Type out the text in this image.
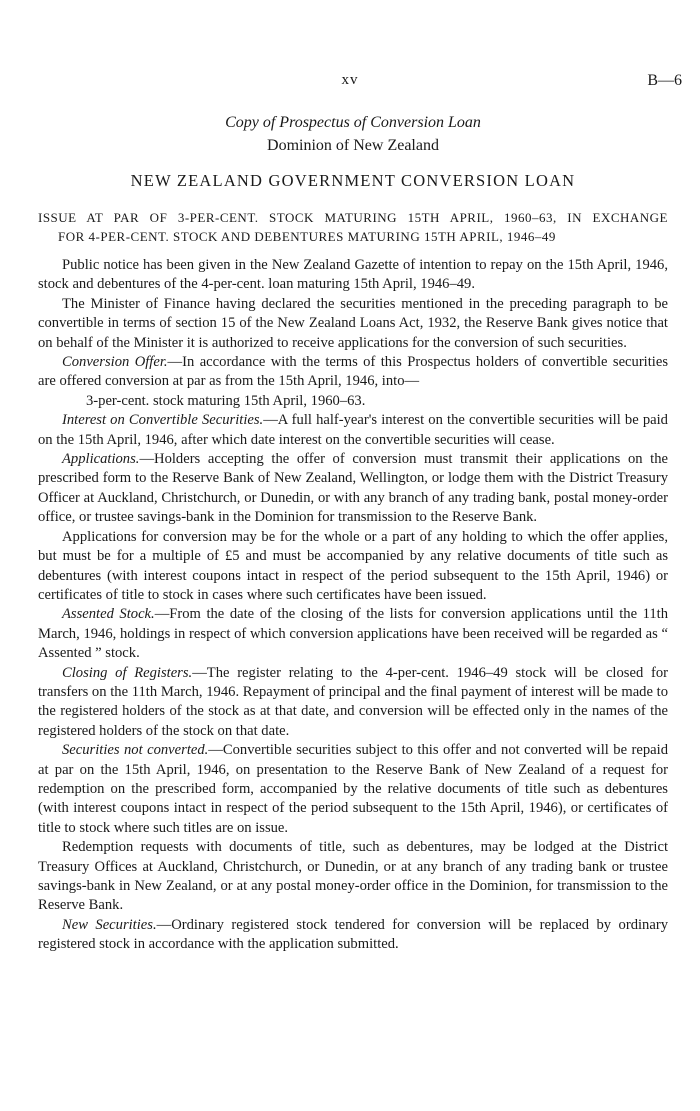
xv	B—6
Copy of Prospectus of Conversion Loan
Dominion of New Zealand
NEW ZEALAND GOVERNMENT CONVERSION LOAN
ISSUE AT PAR OF 3-PER-CENT. STOCK MATURING 15TH APRIL, 1960–63, IN EXCHANGE
FOR 4-PER-CENT. STOCK AND DEBENTURES MATURING 15TH APRIL, 1946–49

Public notice has been given in the New Zealand Gazette of intention to repay on the 15th April, 1946, stock and debentures of the 4-per-cent. loan maturing 15th April, 1946–49.

The Minister of Finance having declared the securities mentioned in the preceding paragraph to be convertible in terms of section 15 of the New Zealand Loans Act, 1932, the Reserve Bank gives notice that on behalf of the Minister it is authorized to receive applications for the conversion of such securities.

Conversion Offer.—In accordance with the terms of this Prospectus holders of convertible securities are offered conversion at par as from the 15th April, 1946, into—

3-per-cent. stock maturing 15th April, 1960–63.

Interest on Convertible Securities.—A full half-year's interest on the convertible securities will be paid on the 15th April, 1946, after which date interest on the convertible securities will cease.

Applications.—Holders accepting the offer of conversion must transmit their applications on the prescribed form to the Reserve Bank of New Zealand, Wellington, or lodge them with the District Treasury Officer at Auckland, Christchurch, or Dunedin, or with any branch of any trading bank, postal money-order office, or trustee savings-bank in the Dominion for transmission to the Reserve Bank.

Applications for conversion may be for the whole or a part of any holding to which the offer applies, but must be for a multiple of £5 and must be accompanied by any relative documents of title such as debentures (with interest coupons intact in respect of the period subsequent to the 15th April, 1946) or certificates of title to stock in cases where such certificates have been issued.

Assented Stock.—From the date of the closing of the lists for conversion applications until the 11th March, 1946, holdings in respect of which conversion applications have been received will be regarded as “ Assented ” stock.

Closing of Registers.—The register relating to the 4-per-cent. 1946–49 stock will be closed for transfers on the 11th March, 1946. Repayment of principal and the final payment of interest will be made to the registered holders of the stock as at that date, and conversion will be effected only in the names of the registered holders of the stock on that date.

Securities not converted.—Convertible securities subject to this offer and not converted will be repaid at par on the 15th April, 1946, on presentation to the Reserve Bank of New Zealand of a request for redemption on the prescribed form, accompanied by the relative documents of title such as debentures (with interest coupons intact in respect of the period subsequent to the 15th April, 1946), or certificates of title to stock where such titles are on issue.

Redemption requests with documents of title, such as debentures, may be lodged at the District Treasury Offices at Auckland, Christchurch, or Dunedin, or at any branch of any trading bank or trustee savings-bank in New Zealand, or at any postal money-order office in the Dominion, for transmission to the Reserve Bank.

New Securities.—Ordinary registered stock tendered for conversion will be replaced by ordinary registered stock in accordance with the application submitted.
